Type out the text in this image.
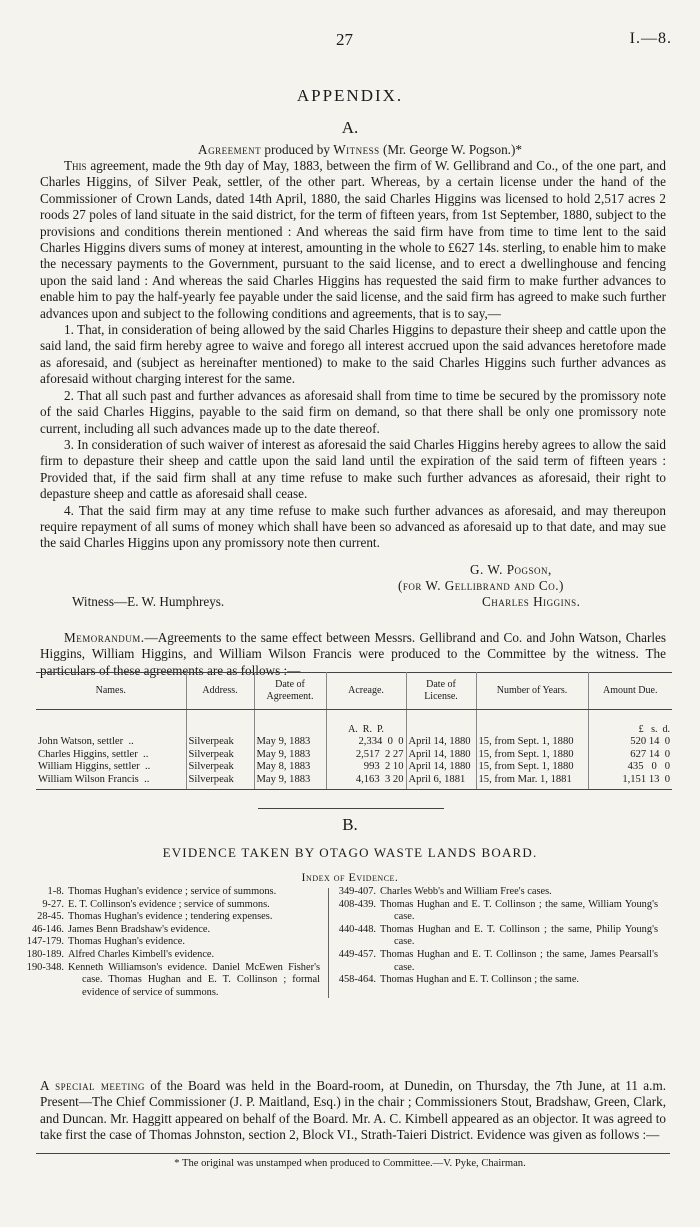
27	I.—8.
APPENDIX.
A.
Agreement produced by Witness (Mr. George W. Pogson.)*

This agreement, made the 9th day of May, 1883, between the firm of W. Gellibrand and Co., of the one part, and Charles Higgins, of Silver Peak, settler, of the other part. Whereas, by a certain license under the hand of the Commissioner of Crown Lands, dated 14th April, 1880, the said Charles Higgins was licensed to hold 2,517 acres 2 roods 27 poles of land situate in the said district, for the term of fifteen years, from 1st September, 1880, subject to the provisions and conditions therein mentioned : And whereas the said firm have from time to time lent to the said Charles Higgins divers sums of money at interest, amounting in the whole to £627 14s. sterling, to enable him to make the necessary payments to the Government, pursuant to the said license, and to erect a dwellinghouse and fencing upon the said land : And whereas the said Charles Higgins has requested the said firm to make further advances to enable him to pay the half-yearly fee payable under the said license, and the said firm has agreed to make such further advances upon and subject to the following conditions and agreements, that is to say,—

1. That, in consideration of being allowed by the said Charles Higgins to depasture their sheep and cattle upon the said land, the said firm hereby agree to waive and forego all interest accrued upon the said advances heretofore made as aforesaid, and (subject as hereinafter mentioned) to make to the said Charles Higgins such further advances as aforesaid without charging interest for the same.

2. That all such past and further advances as aforesaid shall from time to time be secured by the promissory note of the said Charles Higgins, payable to the said firm on demand, so that there shall be only one promissory note current, including all such advances made up to the date thereof.

3. In consideration of such waiver of interest as aforesaid the said Charles Higgins hereby agrees to allow the said firm to depasture their sheep and cattle upon the said land until the expiration of the said term of fifteen years : Provided that, if the said firm shall at any time refuse to make such further advances as aforesaid, their right to depasture sheep and cattle as aforesaid shall cease.

4. That the said firm may at any time refuse to make such further advances as aforesaid, and may thereupon require repayment of all sums of money which shall have been so advanced as aforesaid up to that date, and may sue the said Charles Higgins upon any promissory note then current.

G. W. Pogson,
(for W. Gellibrand and Co.)
Witness—E. W. Humphreys.	Charles Higgins.
Memorandum.—Agreements to the same effect between Messrs. Gellibrand and Co. and John Watson, Charles Higgins, William Higgins, and William Wilson Francis were produced to the Committee by the witness. The particulars of these agreements are as follows :—
Names.	Address.	Date of Agreement.	Acreage.	Date of License.	Number of Years.	Amount Due.
			A. R. P.			£ s. d.
John Watson, settler  ..	Silverpeak	May 9, 1883	2,334 0 0	April 14, 1880	15, from Sept. 1, 1880	520 14 0
Charles Higgins, settler  ..	Silverpeak	May 9, 1883	2,517 2 27	April 14, 1880	15, from Sept. 1, 1880	627 14 0
William Higgins, settler  ..	Silverpeak	May 8, 1883	993 2 10	April 14, 1880	15, from Sept. 1, 1880	435 0 0
William Wilson Francis  ..	Silverpeak	May 9, 1883	4,163 3 20	April 6, 1881	15, from Mar. 1, 1881	1,151 13 0
B.
EVIDENCE TAKEN BY OTAGO WASTE LANDS BOARD.
Index of Evidence.
1-8. Thomas Hughan's evidence ; service of summons.
9-27. E. T. Collinson's evidence ; service of summons.
28-45. Thomas Hughan's evidence ; tendering expenses.
46-146. James Benn Bradshaw's evidence.
147-179. Thomas Hughan's evidence.
180-189. Alfred Charles Kimbell's evidence.
190-348. Kenneth Williamson's evidence. Daniel McEwen Fisher's case. Thomas Hughan and E. T. Collinson ; formal evidence of service of summons.
349-407. Charles Webb's and William Free's cases.
408-439. Thomas Hughan and E. T. Collinson ; the same, William Young's case.
440-448. Thomas Hughan and E. T. Collinson ; the same, Philip Young's case.
449-457. Thomas Hughan and E. T. Collinson ; the same, James Pearsall's case.
458-464. Thomas Hughan and E. T. Collinson ; the same.
A special meeting of the Board was held in the Board-room, at Dunedin, on Thursday, the 7th June, at 11 a.m. Present—The Chief Commissioner (J. P. Maitland, Esq.) in the chair ; Commissioners Stout, Bradshaw, Green, Clark, and Duncan. Mr. Haggitt appeared on behalf of the Board. Mr. A. C. Kimbell appeared as an objector. It was agreed to take first the case of Thomas Johnston, section 2, Block VI., Strath-Taieri District. Evidence was given as follows :—
* The original was unstamped when produced to Committee.—V. Pyke, Chairman.
